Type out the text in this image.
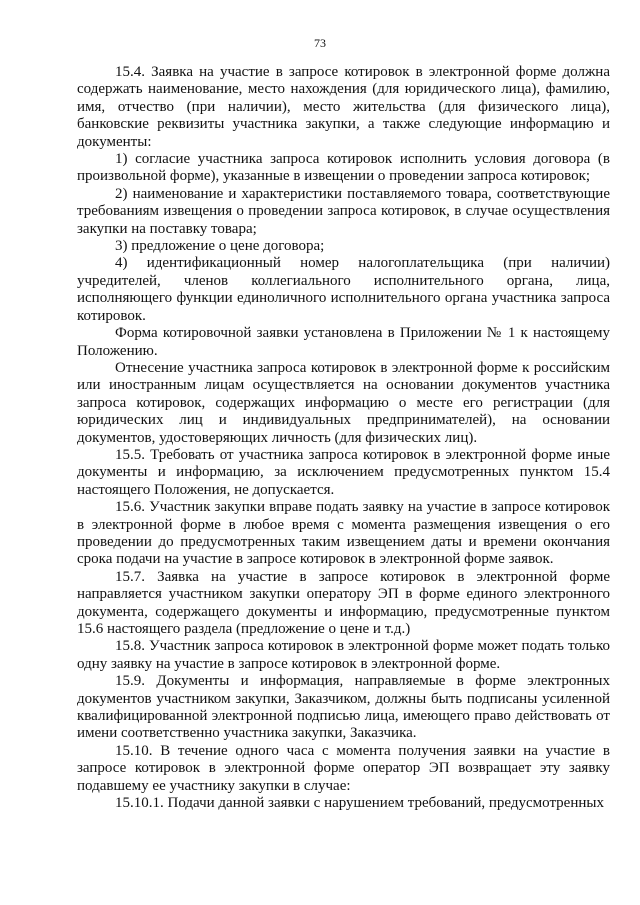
73

15.4. Заявка на участие в запросе котировок в электронной форме должна содержать наименование, место нахождения (для юридического лица), фамилию, имя, отчество (при наличии), место жительства (для физического лица), банковские реквизиты участника закупки, а также следующие информацию и документы:

1) согласие участника запроса котировок исполнить условия договора (в произвольной форме), указанные в извещении о проведении запроса котировок;

2) наименование и характеристики поставляемого товара, соответствующие требованиям извещения о проведении запроса котировок, в случае осуществления закупки на поставку товара;

3) предложение о цене договора;

4) идентификационный номер налогоплательщика (при наличии) учредителей, членов коллегиального исполнительного органа, лица, исполняющего функции единоличного исполнительного органа участника запроса котировок.

Форма котировочной заявки установлена в Приложении № 1 к настоящему Положению.

Отнесение участника запроса котировок в электронной форме к российским или иностранным лицам осуществляется на основании документов участника запроса котировок, содержащих информацию о месте его регистрации (для юридических лиц и индивидуальных предпринимателей), на основании документов, удостоверяющих личность (для физических лиц).

15.5. Требовать от участника запроса котировок в электронной форме иные документы и информацию, за исключением предусмотренных пунктом 15.4 настоящего Положения, не допускается.

15.6. Участник закупки вправе подать заявку на участие в запросе котировок в электронной форме в любое время с момента размещения извещения о его проведении до предусмотренных таким извещением даты и времени окончания срока подачи на участие в запросе котировок в электронной форме заявок.

15.7. Заявка на участие в запросе котировок в электронной форме направляется участником закупки оператору ЭП в форме единого электронного документа, содержащего документы и информацию, предусмотренные пунктом 15.6 настоящего раздела (предложение о цене и т.д.)

15.8. Участник запроса котировок в электронной форме может подать только одну заявку на участие в запросе котировок в электронной форме.

15.9. Документы и информация, направляемые в форме электронных документов участником закупки, Заказчиком, должны быть подписаны усиленной квалифицированной электронной подписью лица, имеющего право действовать от имени соответственно участника закупки, Заказчика.

15.10. В течение одного часа с момента получения заявки на участие в запросе котировок в электронной форме оператор ЭП возвращает эту заявку подавшему ее участнику закупки в случае:

15.10.1. Подачи данной заявки с нарушением требований, предусмотренных
